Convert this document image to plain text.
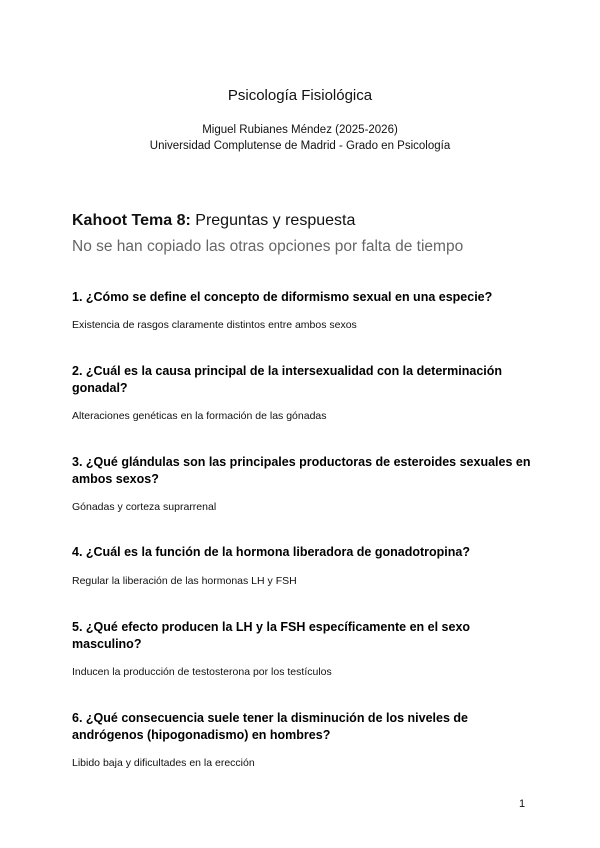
Psicología Fisiológica
Miguel Rubianes Méndez (2025-2026)
Universidad Complutense de Madrid - Grado en Psicología
Kahoot Tema 8: Preguntas y respuesta
No se han copiado las otras opciones por falta de tiempo

1. ¿Cómo se define el concepto de diformismo sexual en una especie?

Existencia de rasgos claramente distintos entre ambos sexos

2. ¿Cuál es la causa principal de la intersexualidad con la determinación gonadal?

Alteraciones genéticas en la formación de las gónadas

3. ¿Qué glándulas son las principales productoras de esteroides sexuales en ambos sexos?

Gónadas y corteza suprarrenal

4. ¿Cuál es la función de la hormona liberadora de gonadotropina?

Regular la liberación de las hormonas LH y FSH

5. ¿Qué efecto producen la LH y la FSH específicamente en el sexo masculino?

Inducen la producción de testosterona por los testículos

6. ¿Qué consecuencia suele tener la disminución de los niveles de andrógenos (hipogonadismo) en hombres?

Libido baja y dificultades en la erección

1
